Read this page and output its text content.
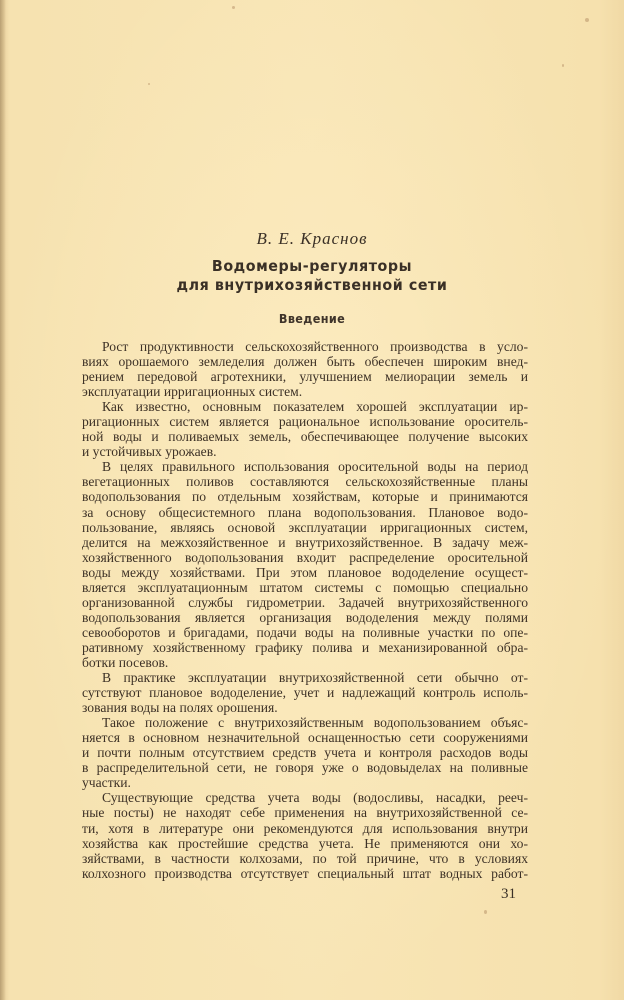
В. Е. Краснов
Водомеры-регуляторы
для внутрихозяйственной сети
Введение
Рост продуктивности сельскохозяйственного производства в усло-
виях орошаемого земледелия должен быть обеспечен широким внед-
рением передовой агротехники, улучшением мелиорации земель и
эксплуатации ирригационных систем.
Как известно, основным показателем хорошей эксплуатации ир-
ригационных систем является рациональное использование ороситель-
ной воды и поливаемых земель, обеспечивающее получение высоких
и устойчивых урожаев.
В целях правильного использования оросительной воды на период
вегетационных поливов составляются сельскохозяйственные планы
водопользования по отдельным хозяйствам, которые и принимаются
за основу общесистемного плана водопользования. Плановое водо-
пользование, являясь основой эксплуатации ирригационных систем,
делится на межхозяйственное и внутрихозяйственное. В задачу меж-
хозяйственного водопользования входит распределение оросительной
воды между хозяйствами. При этом плановое вододеление осущест-
вляется эксплуатационным штатом системы с помощью специально
организованной службы гидрометрии. Задачей внутрихозяйственного
водопользования является организация вододеления между полями
севооборотов и бригадами, подачи воды на поливные участки по опе-
ративному хозяйственному графику полива и механизированной обра-
ботки посевов.
В практике эксплуатации внутрихозяйственной сети обычно от-
сутствуют плановое вододеление, учет и надлежащий контроль исполь-
зования воды на полях орошения.
Такое положение с внутрихозяйственным водопользованием объяс-
няется в основном незначительной оснащенностью сети сооружениями
и почти полным отсутствием средств учета и контроля расходов воды
в распределительной сети, не говоря уже о водовыделах на поливные
участки.
Существующие средства учета воды (водосливы, насадки, рееч-
ные посты) не находят себе применения на внутрихозяйственной се-
ти, хотя в литературе они рекомендуются для использования внутри
хозяйства как простейшие средства учета. Не применяются они хо-
зяйствами, в частности колхозами, по той причине, что в условиях
колхозного производства отсутствует специальный штат водных работ-
31
